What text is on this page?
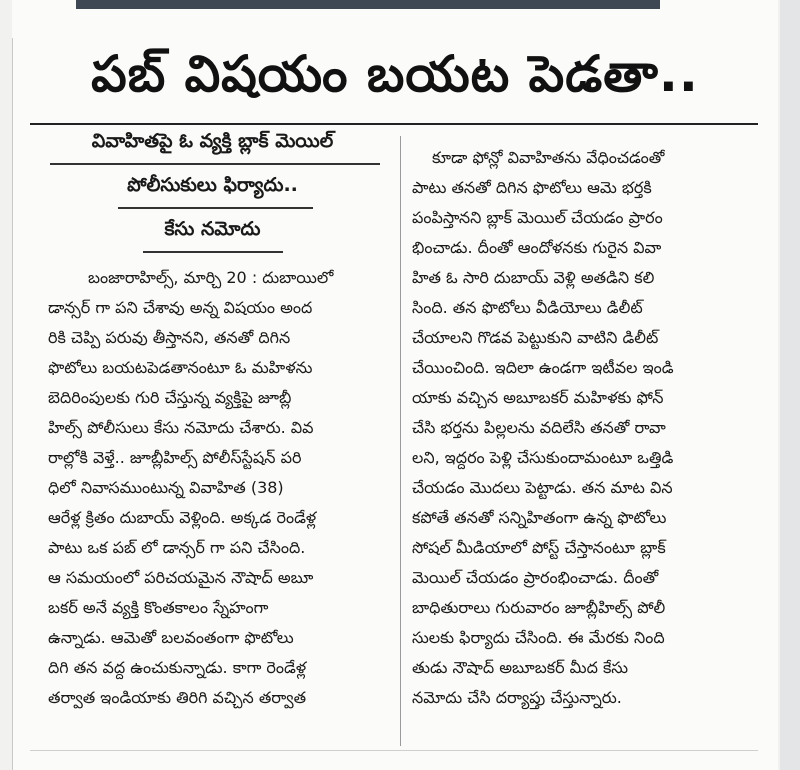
పబ్ విషయం బయట పెడతా..
వివాహితపై ఓ వ్యక్తి బ్లాక్ మెయిల్
పోలీసుకులు ఫిర్యాదు..
కేసు నమోదు
బంజారాహిల్స్, మార్చి 20 : దుబాయిలో
డాన్సర్ గా పని చేశావు అన్న విషయం అంద
రికి చెప్పి పరువు తీస్తానని, తనతో దిగిన
ఫొటోలు బయటపెడతానంటూ ఓ మహిళను
బెదిరింపులకు గురి చేస్తున్న వ్యక్తిపై జూబ్లీ
హిల్స్ పోలీసులు కేసు నమోదు చేశారు. వివ
రాల్లోకి వెళ్తే.. జూబ్లీహిల్స్ పోలీస్‌స్టేషన్ పరి
ధిలో నివాసముంటున్న వివాహిత (38)
ఆరేళ్ల క్రితం దుబాయ్ వెళ్లింది. అక్కడ రెండేళ్ల
పాటు ఒక పబ్ లో డాన్సర్ గా పని చేసింది.
ఆ సమయంలో పరిచయమైన నౌషాద్ అబూ
బకర్ అనే వ్యక్తి కొంతకాలం స్నేహంగా
ఉన్నాడు. ఆమెతో బలవంతంగా ఫొటోలు
దిగి తన వద్ద ఉంచుకున్నాడు. కాగా రెండేళ్ల
తర్వాత ఇండియాకు తిరిగి వచ్చిన తర్వాత
కూడా ఫోన్లో వివాహితను వేధించడంతో
పాటు తనతో దిగిన ఫొటోలు ఆమె భర్తకి
పంపిస్తానని బ్లాక్ మెయిల్ చేయడం ప్రారం
భించాడు. దీంతో ఆందోళనకు గురైన వివా
హిత ఓ సారి దుబాయ్ వెళ్లి అతడిని కలి
సింది. తన ఫొటోలు వీడియోలు డిలీట్
చేయాలని గొడవ పెట్టుకుని వాటిని డిలీట్
చేయించింది. ఇదిలా ఉండగా ఇటీవల ఇండి
యాకు వచ్చిన అబూబకర్ మహిళకు ఫోన్
చేసి భర్తను పిల్లలను వదిలేసి తనతో రావా
లని, ఇద్దరం పెళ్లి చేసుకుందామంటూ ఒత్తిడి
చేయడం మొదలు పెట్టాడు. తన మాట విన
కపోతే తనతో సన్నిహితంగా ఉన్న ఫొటోలు
సోషల్ మీడియాలో పోస్ట్ చేస్తానంటూ బ్లాక్
మెయిల్ చేయడం ప్రారంభించాడు. దీంతో
బాధితురాలు గురువారం జూబ్లీహిల్స్ పోలీ
సులకు ఫిర్యాదు చేసింది. ఈ మేరకు నింది
తుడు నౌషాద్ అబూబకర్ మీద కేసు
నమోదు చేసి దర్యాప్తు చేస్తున్నారు.
